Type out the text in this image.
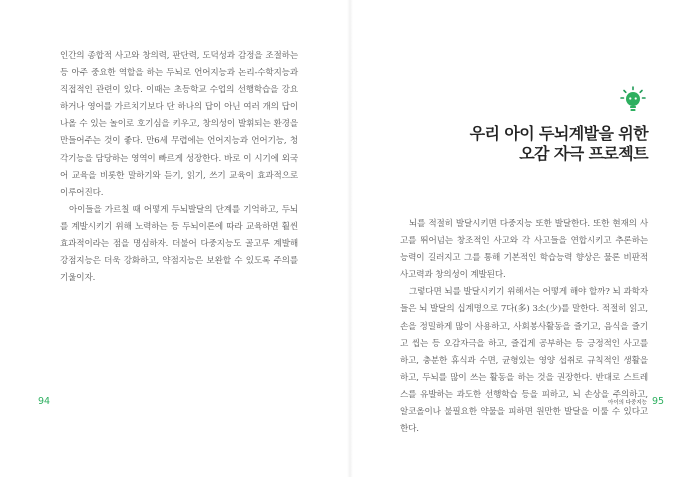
인간의 종합적 사고와 창의력, 판단력, 도덕성과 감정을 조절하는 등 아주 중요한 역할을 하는 두뇌로 언어지능과 논리-수학지능과 직접적인 관련이 있다. 이때는 초등학교 수업의 선행학습을 강요하거나 영어를 가르치기보다 단 하나의 답이 아닌 여러 개의 답이 나올 수 있는 놀이로 호기심을 키우고, 창의성이 발휘되는 환경을 만들어주는 것이 좋다. 만6세 무렵에는 언어지능과 언어기능, 청각기능을 담당하는 영역이 빠르게 성장한다. 바로 이 시기에 외국어 교육을 비롯한 말하기와 듣기, 읽기, 쓰기 교육이 효과적으로 이루어진다.

아이들을 가르칠 때 어떻게 두뇌발달의 단계를 기억하고, 두뇌를 계발시키기 위해 노력하는 등 두뇌이론에 따라 교육하면 훨씬 효과적이라는 점을 명심하자. 더불어 다중지능도 골고루 계발해 강점지능은 더욱 강화하고, 약점지능은 보완할 수 있도록 주의를 기울이자.

우리 아이 두뇌계발을 위한
오감 자극 프로젝트

뇌를 적절히 발달시키면 다중지능 또한 발달한다. 또한 현재의 사고를 뛰어넘는 창조적인 사고와 각 사고들을 연합시키고 추론하는 능력이 길러지고 그를 통해 기본적인 학습능력 향상은 물론 비판적 사고력과 창의성이 계발된다.

그렇다면 뇌를 발달시키기 위해서는 어떻게 해야 할까? 뇌 과학자들은 뇌 발달의 십계명으로 7다(多) 3소(少)를 말한다. 적절히 읽고, 손을 정밀하게 많이 사용하고, 사회봉사활동을 즐기고, 음식을 즐기고 씹는 등 오감자극을 하고, 즐겁게 공부하는 등 긍정적인 사고를 하고, 충분한 휴식과 수면, 균형있는 영양 섭취로 규칙적인 생활을 하고, 두뇌를 많이 쓰는 활동을 하는 것을 권장한다. 반대로 스트레스를 유발하는 과도한 선행학습 등을 피하고, 뇌 손상을 주의하고, 알코올이나 불필요한 약물을 피하면 원만한 발달을 이룰 수 있다고 한다.

94	아이의 다중지능 95
